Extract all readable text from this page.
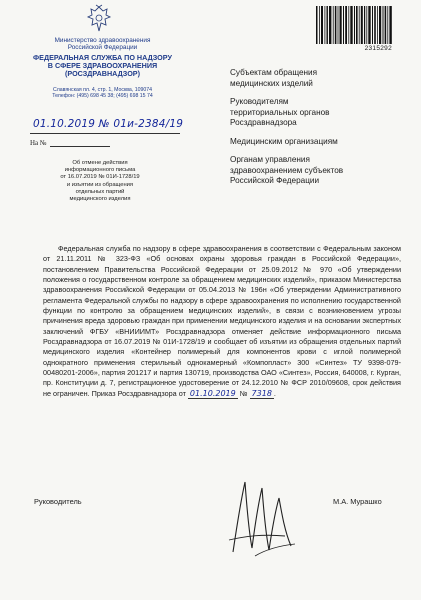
Министерство здравоохранения
Российской Федерации
ФЕДЕРАЛЬНАЯ СЛУЖБА ПО НАДЗОРУ
В СФЕРЕ ЗДРАВООХРАНЕНИЯ
(РОСЗДРАВНАДЗОР)
Славянская пл. 4, стр. 1, Москва, 109074
Телефон: (495) 698 45 38; (495) 698 15 74
01.10.2019 № 01и-2384/19
На №
Об отмене действия
информационного письма
от 16.07.2019 № 01И-1728/19
и изъятии из обращения
отдельных партий
медицинского изделия
2315292
Субъектам обращения
медицинских изделий
Руководителям
территориальных органов
Росздравнадзора
Медицинским организациям
Органам управления
здравоохранением субъектов
Российской Федерации
Федеральная служба по надзору в сфере здравоохранения в соответствии с Федеральным законом от 21.11.2011 № 323-ФЗ «Об основах охраны здоровья граждан в Российской Федерации», постановлением Правительства Российской Федерации от 25.09.2012 № 970 «Об утверждении положения о государственном контроле за обращением медицинских изделий», приказом Министерства здравоохранения Российской Федерации от 05.04.2013 № 196н «Об утверждении Административного регламента Федеральной службы по надзору в сфере здравоохранения по исполнению государственной функции по контролю за обращением медицинских изделий», в связи с возникновением угрозы причинения вреда здоровью граждан при применении медицинского изделия и на основании экспертных заключений ФГБУ «ВНИИИМТ» Росздравнадзора отменяет действие информационного письма Росздравнадзора от 16.07.2019 № 01И-1728/19 и сообщает об изъятии из обращения отдельных партий медицинского изделия «Контейнер полимерный для компонентов крови с иглой полимерной однократного применения стерильный однокамерный «Компопласт» 300 «Синтез» ТУ 9398-079-00480201-2006», партия 201217 и партия 130719, производства ОАО «Синтез», Россия, 640008, г. Курган, пр. Конституции д. 7, регистрационное удостоверение от 24.12.2010 № ФСР 2010/09608, срок действия не ограничен. Приказ Росздравнадзора от 01.10.2019 № 7318 .
Руководитель	М.А. Мурашко
